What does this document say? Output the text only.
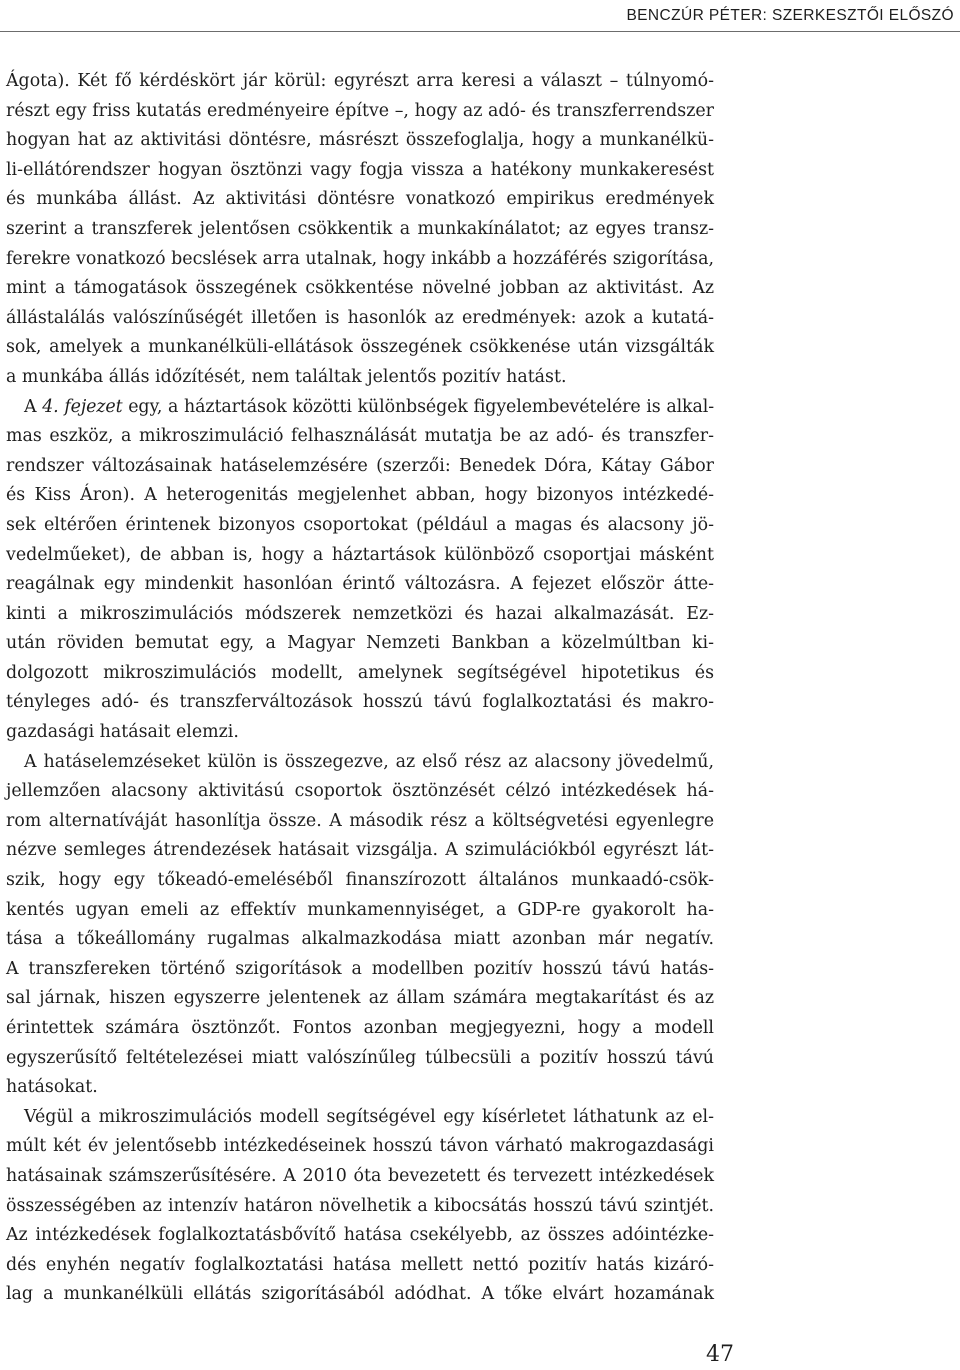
BENCZÚR PÉTER: SZERKESZTŐI ELŐSZÓ
Ágota). Két fő kérdéskört jár körül: egyrészt arra keresi a választ – túlnyomó-
részt egy friss kutatás eredményeire építve –, hogy az adó- és transzferrendszer
hogyan hat az aktivitási döntésre, másrészt összefoglalja, hogy a munkanélkü-
li-ellátórendszer hogyan ösztönzi vagy fogja vissza a hatékony munkakeresést
és munkába állást. Az aktivitási döntésre vonatkozó empirikus eredmények
szerint a transzferek jelentősen csökkentik a munkakínálatot; az egyes transz-
ferekre vonatkozó becslések arra utalnak, hogy inkább a hozzáférés szigorítása,
mint a támogatások összegének csökkentése növelné jobban az aktivitást. Az
állástalálás valószínűségét illetően is hasonlók az eredmények: azok a kutatá-
sok, amelyek a munkanélküli-ellátások összegének csökkenése után vizsgálták
a munkába állás időzítését, nem találtak jelentős pozitív hatást.
A 4. fejezet egy, a háztartások közötti különbségek figyelembevételére is alkal-
mas eszköz, a mikroszimuláció felhasználását mutatja be az adó- és transzfer-
rendszer változásainak hatáselemzésére (szerzői: Benedek Dóra, Kátay Gábor
és Kiss Áron). A heterogenitás megjelenhet abban, hogy bizonyos intézkedé-
sek eltérően érintenek bizonyos csoportokat (például a magas és alacsony jö-
vedelműeket), de abban is, hogy a háztartások különböző csoportjai másként
reagálnak egy mindenkit hasonlóan érintő változásra. A fejezet először átte-
kinti a mikroszimulációs módszerek nemzetközi és hazai alkalmazását. Ez-
után röviden bemutat egy, a Magyar Nemzeti Bankban a közelmúltban ki-
dolgozott mikroszimulációs modellt, amelynek segítségével hipotetikus és
tényleges adó- és transzferváltozások hosszú távú foglalkoztatási és makro-
gazdasági hatásait elemzi.
A hatáselemzéseket külön is összegezve, az első rész az alacsony jövedelmű,
jellemzően alacsony aktivitású csoportok ösztönzését célzó intézkedések há-
rom alternatíváját hasonlítja össze. A második rész a költségvetési egyenlegre
nézve semleges átrendezések hatásait vizsgálja. A szimulációkból egyrészt lát-
szik, hogy egy tőkeadó-emeléséből finanszírozott általános munkaadó-csök-
kentés ugyan emeli az effektív munkamennyiséget, a GDP-re gyakorolt ha-
tása a tőkeállomány rugalmas alkalmazkodása miatt azonban már negatív.
A transzfereken történő szigorítások a modellben pozitív hosszú távú hatás-
sal járnak, hiszen egyszerre jelentenek az állam számára megtakarítást és az
érintettek számára ösztönzőt. Fontos azonban megjegyezni, hogy a modell
egyszerűsítő feltételezései miatt valószínűleg túlbecsüli a pozitív hosszú távú
hatásokat.
Végül a mikroszimulációs modell segítségével egy kísérletet láthatunk az el-
múlt két év jelentősebb intézkedéseinek hosszú távon várható makrogazdasági
hatásainak számszerűsítésére. A 2010 óta bevezetett és tervezett intézkedések
összességében az intenzív határon növelhetik a kibocsátás hosszú távú szintjét.
Az intézkedések foglalkoztatásbővítő hatása csekélyebb, az összes adóintézke-
dés enyhén negatív foglalkoztatási hatása mellett nettó pozitív hatás kizáró-
lag a munkanélküli ellátás szigorításából adódhat. A tőke elvárt hozamának
47
